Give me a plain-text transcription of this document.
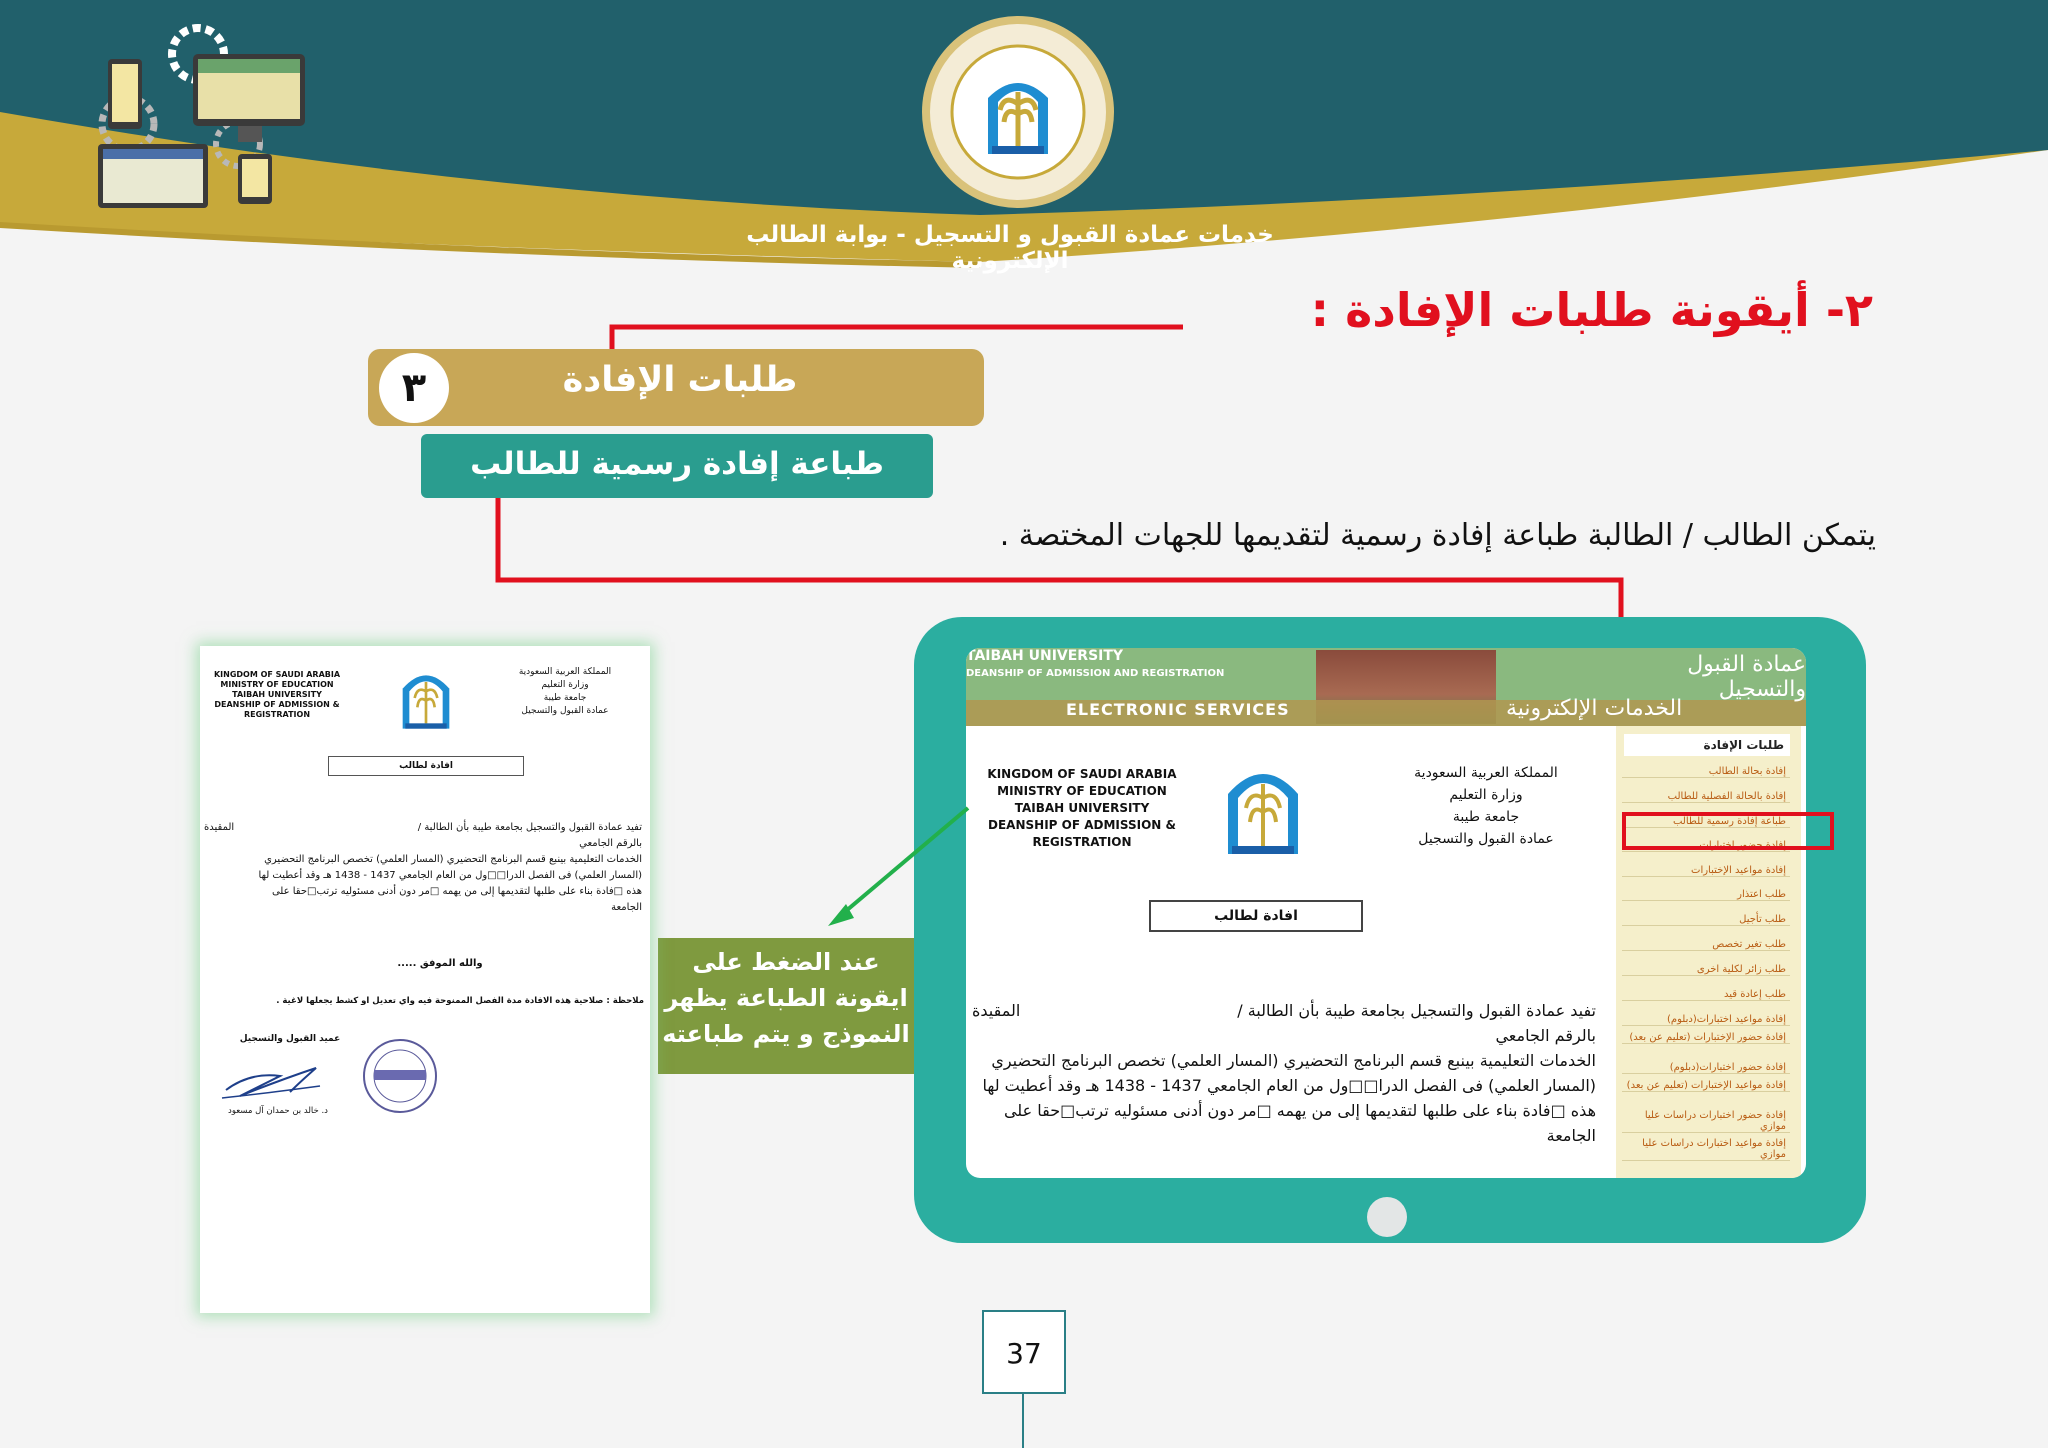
خدمات عمادة القبول و التسجيل - بوابة الطالب الإلكترونية
٢- أيقونة طلبات الإفادة :
٣	طلبات الإفادة
طباعة إفادة رسمية للطالب
يتمكن الطالب / الطالبة طباعة إفادة رسمية لتقديمها للجهات المختصة .
TAIBAH UNIVERSITY
DEANSHIP OF ADMISSION AND REGISTRATION
ELECTRONIC SERVICES
عمادة القبول والتسجيل
الخدمات الإلكترونية
طلبات الإفادة
إفادة بحالة الطالب
إفادة بالحالة الفصلية للطالب
طباعة إفادة رسمية للطالب
إفادة حضور اختبارات
إفادة مواعيد الإختبارات
طلب اعتذار
طلب تأجيل
طلب تغير تخصص
طلب زائر لكلية اخرى
طلب إعادة قيد
إفادة مواعيد اختبارات(دبلوم)
إفادة حضور الإختبارات (تعليم عن بعد)
إفادة حضور اختبارات(دبلوم)
إفادة مواعيد الإختبارات (تعليم عن بعد)
إفادة حضور اختبارات دراسات عليا موازي
إفادة مواعيد اختبارات دراسات عليا موازي
KINGDOM OF SAUDI ARABIA
MINISTRY OF EDUCATION
TAIBAH UNIVERSITY
DEANSHIP OF ADMISSION &
REGISTRATION
المملكة العربية السعودية
وزارة التعليم
جامعة طيبة
عمادة القبول والتسجيل
افادة لطالب
تفيد عمادة القبول والتسجيل بجامعة طيبة بأن الطالبة /
المقيدة
بالرقم الجامعي
الخدمات التعليمية بينبع قسم البرنامج التحضيري (المسار العلمي) تخصص البرنامج التحضيري
(المسار العلمي) فى الفصل الدرا□□ول من العام الجامعي 1437 - 1438 هـ وقد أعطيت لها
هذه □فادة بناء على طلبها لتقديمها إلى من يهمه □مر دون أدنى مسئوليه ترتب□حقا على
الجامعة
عند الضغط على
ايقونة الطباعة يظهر
النموذج و يتم طباعته
KINGDOM OF SAUDI ARABIA
MINISTRY OF EDUCATION
TAIBAH UNIVERSITY
DEANSHIP OF ADMISSION &
REGISTRATION
المملكة العربية السعودية
وزارة التعليم
جامعة طيبة
عمادة القبول والتسجيل
افادة لطالب
تفيد عمادة القبول والتسجيل بجامعة طيبة بأن الطالبة /
المقيدة
بالرقم الجامعي
الخدمات التعليمية بينبع قسم البرنامج التحضيري (المسار العلمي) تخصص البرنامج التحضيري
(المسار العلمي) فى الفصل الدرا□□ول من العام الجامعي 1437 - 1438 هـ وقد أعطيت لها
هذه □فادة بناء على طلبها لتقديمها إلى من يهمه □مر دون أدنى مسئوليه ترتب□حقا على
الجامعة
والله الموفق .....
ملاحظة : صلاحية هذه الافادة مدة الفصل الممنوحة فيه واي تعديل او كشط يجعلها لاغية .
عميد القبول والتسجيل
د. خالد بن حمدان آل مسعود
37
